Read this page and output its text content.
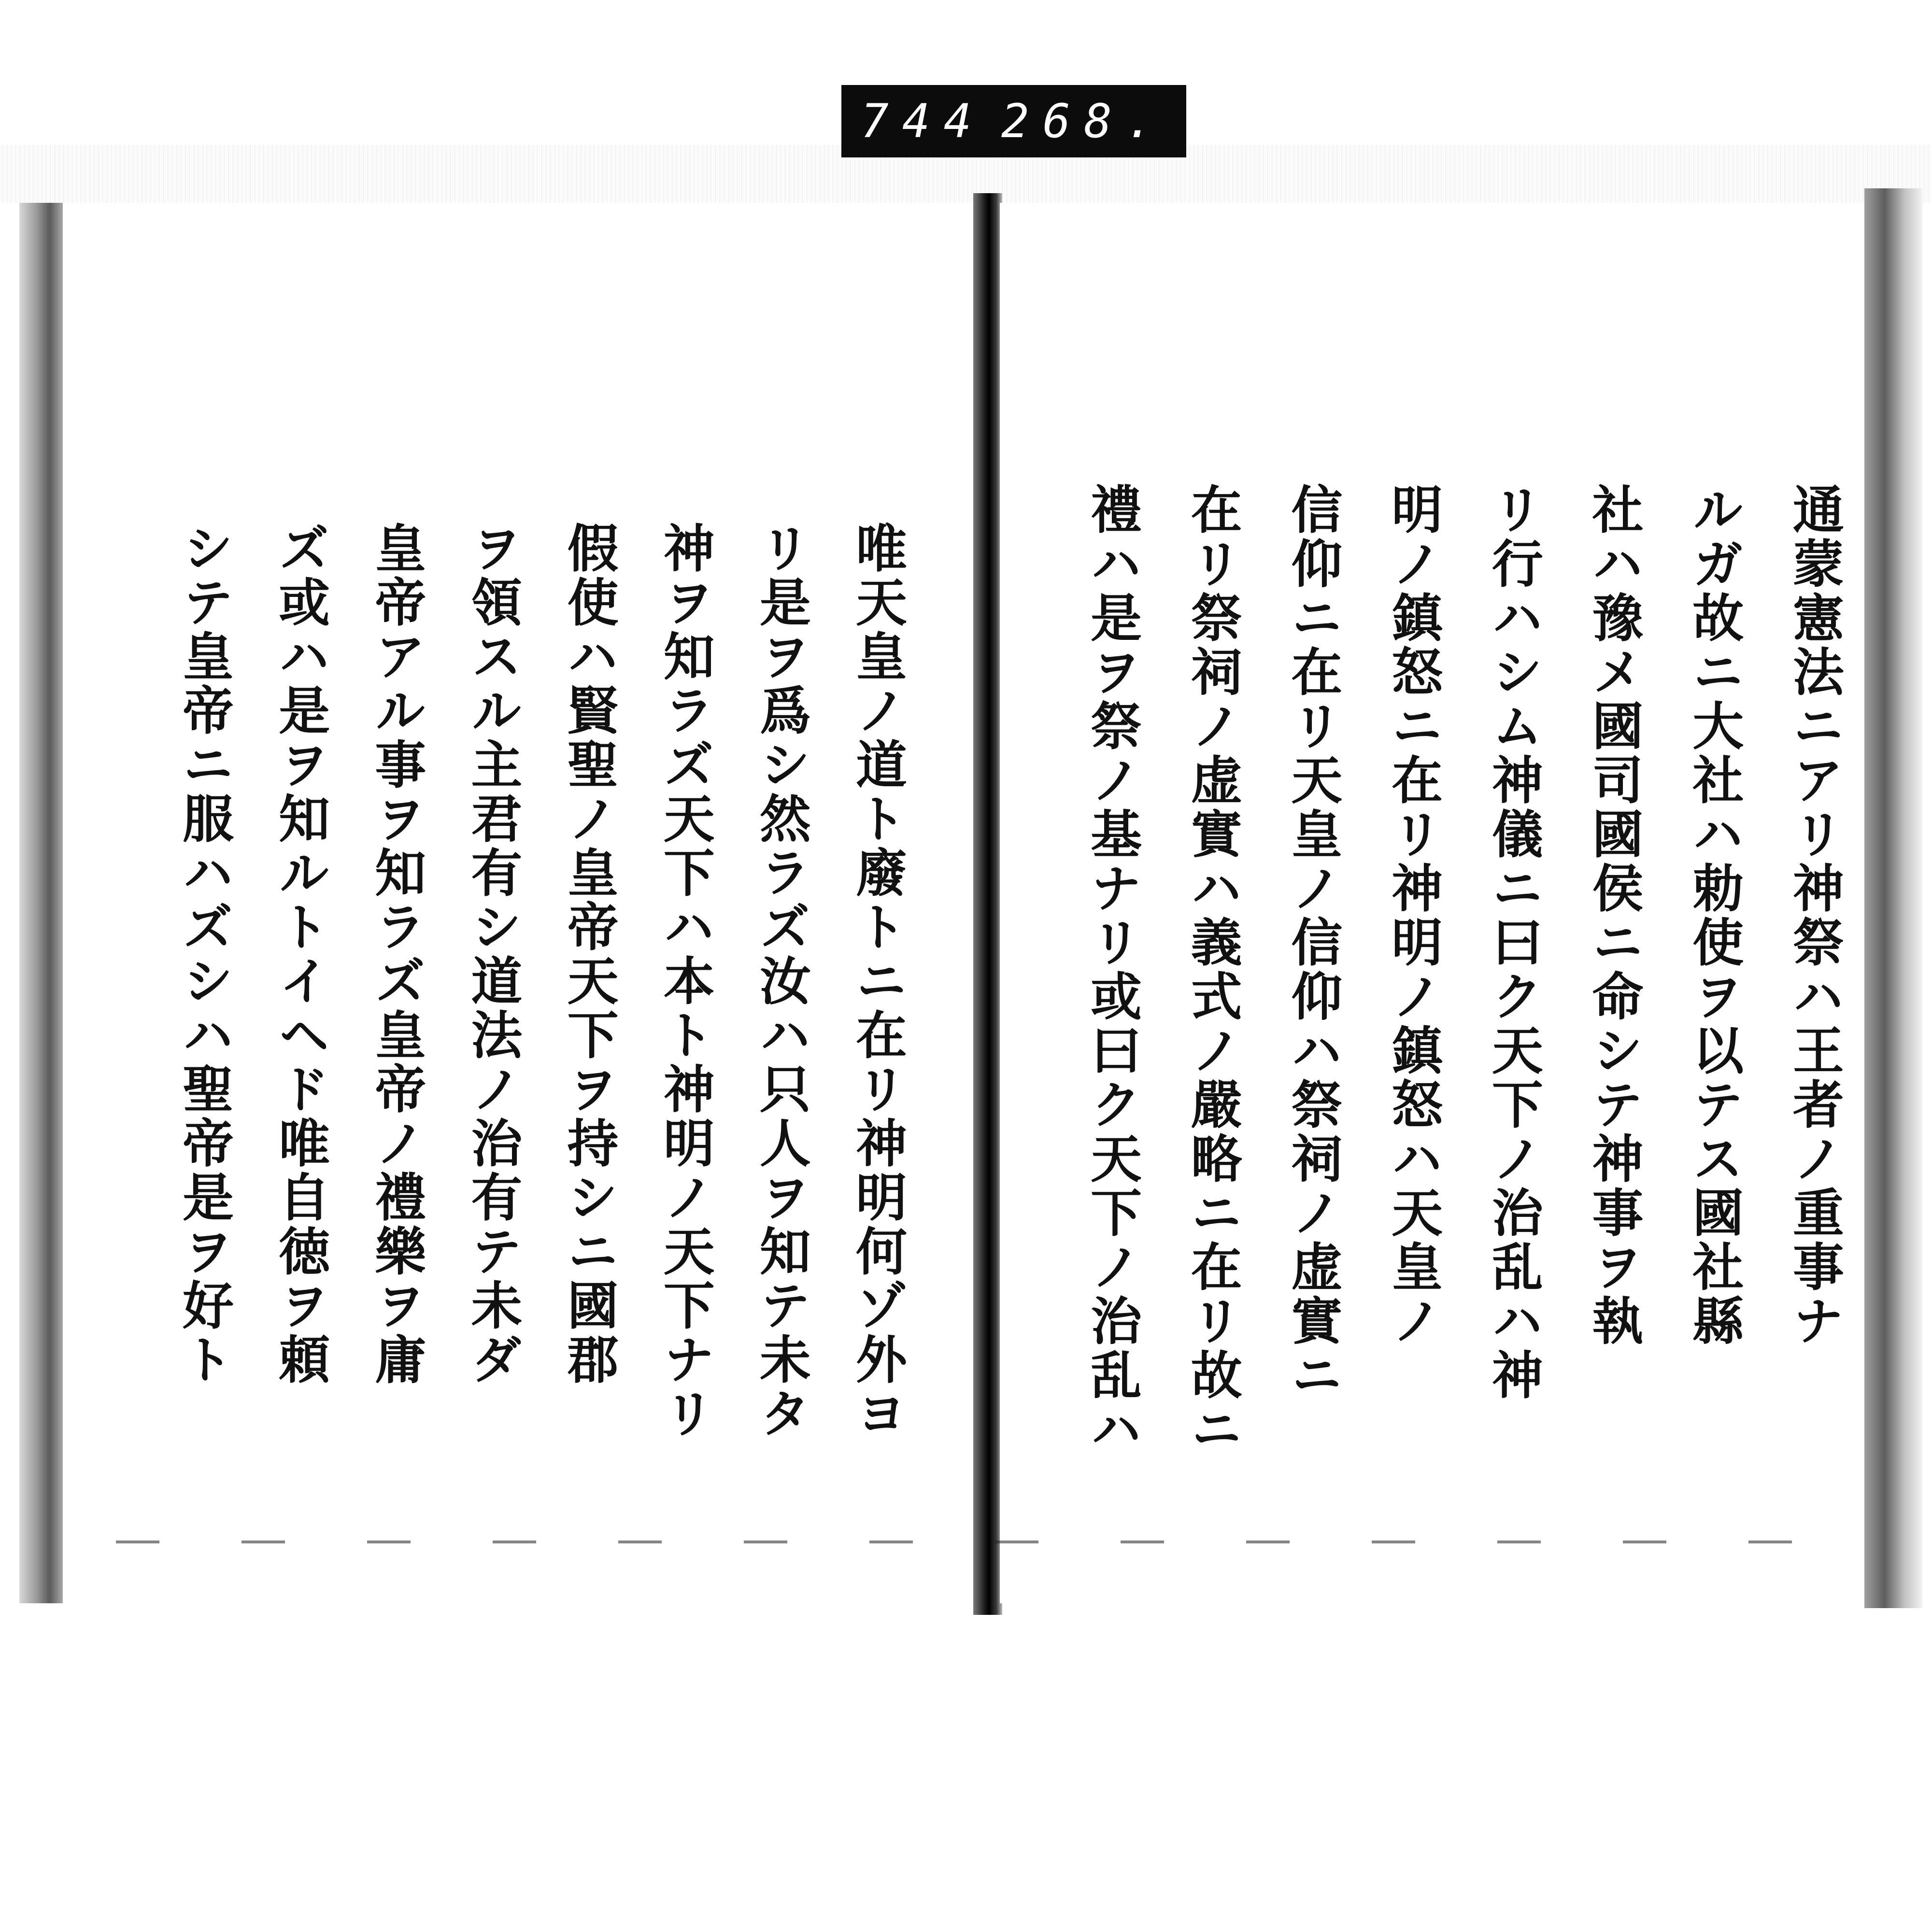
744 268.
唯天皇ノ道ト廢トニ在リ神明何ゾ外ヨ
リ是ヲ爲シ然ラズ汝ハ只人ヲ知テ未タ
神ヲ知ラズ天下ハ本ト神明ノ天下ナリ
假使ハ賢聖ノ皇帝天下ヲ持シニ國郡
ヲ領スル主君有シ道法ノ治有テ未ダ
皇帝アル事ヲ知ラズ皇帝ノ禮樂ヲ庸
ズ或ハ是ヲ知ルトイヘド唯自徳ヲ頼
シテ皇帝ニ服ハズシハ聖帝是ヲ好ト	通蒙憲法ニアリ神祭ハ王者ノ重事ナ
ルガ故ニ大社ハ勅使ヲ以テス國社縣
社ハ豫メ國司國侯ニ命シテ神事ヲ執
リ行ハシム神儀ニ曰ク天下ノ治乱ハ神
明ノ鎮怒ニ在リ神明ノ鎮怒ハ天皇ノ
信仰ニ在リ天皇ノ信仰ハ祭祠ノ虚實ニ
在リ祭祠ノ虚實ハ義式ノ嚴略ニ在リ故ニ
禮ハ是ヲ祭ノ基ナリ或曰ク天下ノ治乱ハ
